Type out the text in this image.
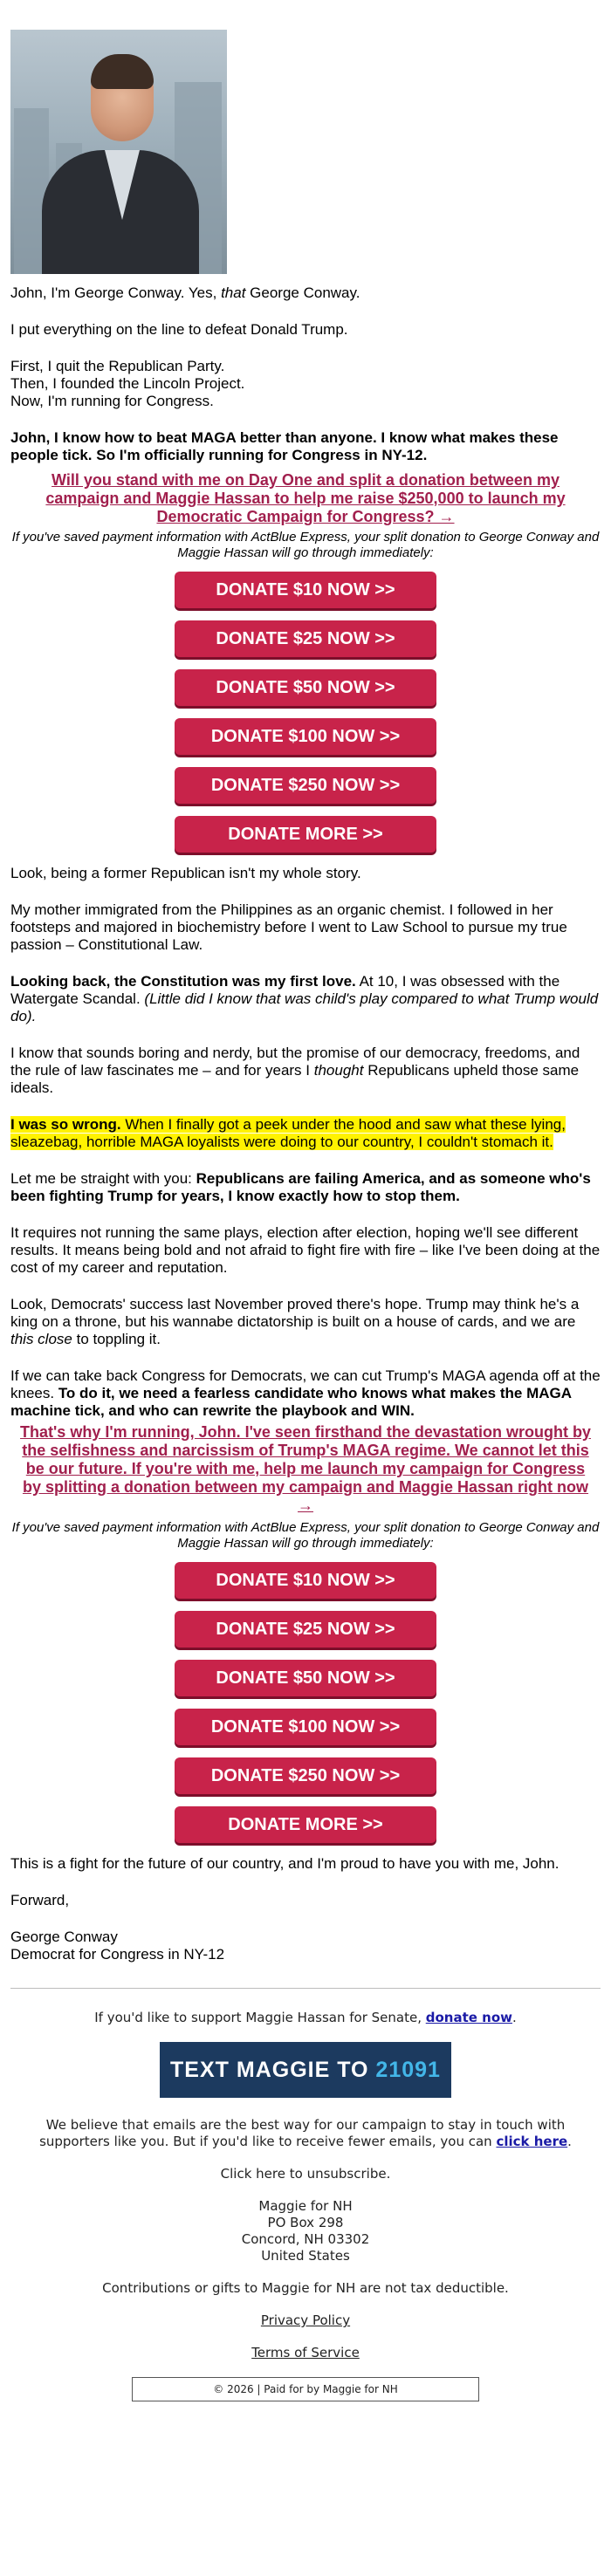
John, I'm George Conway. Yes, that George Conway.

I put everything on the line to defeat Donald Trump.

First, I quit the Republican Party.
Then, I founded the Lincoln Project.
Now, I'm running for Congress.

John, I know how to beat MAGA better than anyone. I know what makes these people tick. So I'm officially running for Congress in NY-12.

Will you stand with me on Day One and split a donation between my campaign and Maggie Hassan to help me raise $250,000 to launch my Democratic Campaign for Congress? →
If you've saved payment information with ActBlue Express, your split donation to George Conway and Maggie Hassan will go through immediately:
DONATE $10 NOW >>
DONATE $25 NOW >>
DONATE $50 NOW >>
DONATE $100 NOW >>
DONATE $250 NOW >>
DONATE MORE >>

Look, being a former Republican isn't my whole story.

My mother immigrated from the Philippines as an organic chemist. I followed in her footsteps and majored in biochemistry before I went to Law School to pursue my true passion – Constitutional Law.

Looking back, the Constitution was my first love. At 10, I was obsessed with the Watergate Scandal. (Little did I know that was child's play compared to what Trump would do).

I know that sounds boring and nerdy, but the promise of our democracy, freedoms, and the rule of law fascinates me – and for years I thought Republicans upheld those same ideals.

I was so wrong. When I finally got a peek under the hood and saw what these lying, sleazebag, horrible MAGA loyalists were doing to our country, I couldn't stomach it.

Let me be straight with you: Republicans are failing America, and as someone who's been fighting Trump for years, I know exactly how to stop them.

It requires not running the same plays, election after election, hoping we'll see different results. It means being bold and not afraid to fight fire with fire – like I've been doing at the cost of my career and reputation.

Look, Democrats' success last November proved there's hope. Trump may think he's a king on a throne, but his wannabe dictatorship is built on a house of cards, and we are this close to toppling it.

If we can take back Congress for Democrats, we can cut Trump's MAGA agenda off at the knees. To do it, we need a fearless candidate who knows what makes the MAGA machine tick, and who can rewrite the playbook and WIN.

That's why I'm running, John. I've seen firsthand the devastation wrought by the selfishness and narcissism of Trump's MAGA regime. We cannot let this be our future. If you're with me, help me launch my campaign for Congress by splitting a donation between my campaign and Maggie Hassan right now →
If you've saved payment information with ActBlue Express, your split donation to George Conway and Maggie Hassan will go through immediately:
DONATE $10 NOW >>
DONATE $25 NOW >>
DONATE $50 NOW >>
DONATE $100 NOW >>
DONATE $250 NOW >>
DONATE MORE >>

This is a fight for the future of our country, and I'm proud to have you with me, John.

Forward,

George Conway
Democrat for Congress in NY-12

If you'd like to support Maggie Hassan for Senate, donate now.

TEXT MAGGIE TO 21091

We believe that emails are the best way for our campaign to stay in touch with supporters like you. But if you'd like to receive fewer emails, you can click here.

Click here to unsubscribe.

Maggie for NH
PO Box 298
Concord, NH 03302
United States

Contributions or gifts to Maggie for NH are not tax deductible.

Privacy Policy

Terms of Service

© 2026 | Paid for by Maggie for NH
